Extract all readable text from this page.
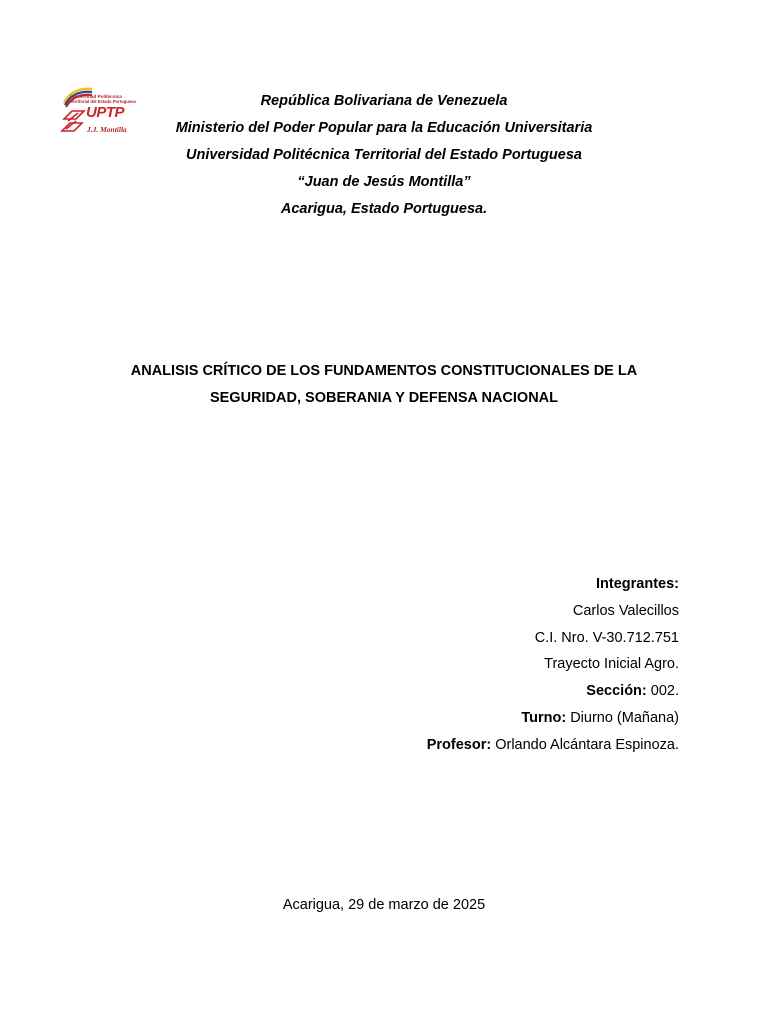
Universidad Politécnica
Territorial del Estado Portuguesa
UPTP
J.J. Montilla
República Bolivariana de Venezuela
Ministerio del Poder Popular para la Educación Universitaria
Universidad Politécnica Territorial del Estado Portuguesa
“Juan de Jesús Montilla”
Acarigua, Estado Portuguesa.
ANALISIS CRÍTICO DE LOS FUNDAMENTOS CONSTITUCIONALES DE LA
SEGURIDAD, SOBERANIA Y DEFENSA NACIONAL
Integrantes:
Carlos Valecillos
C.I. Nro. V-30.712.751
Trayecto Inicial Agro.
Sección: 002.
Turno: Diurno (Mañana)
Profesor: Orlando Alcántara Espinoza.
Acarigua, 29 de marzo de 2025
